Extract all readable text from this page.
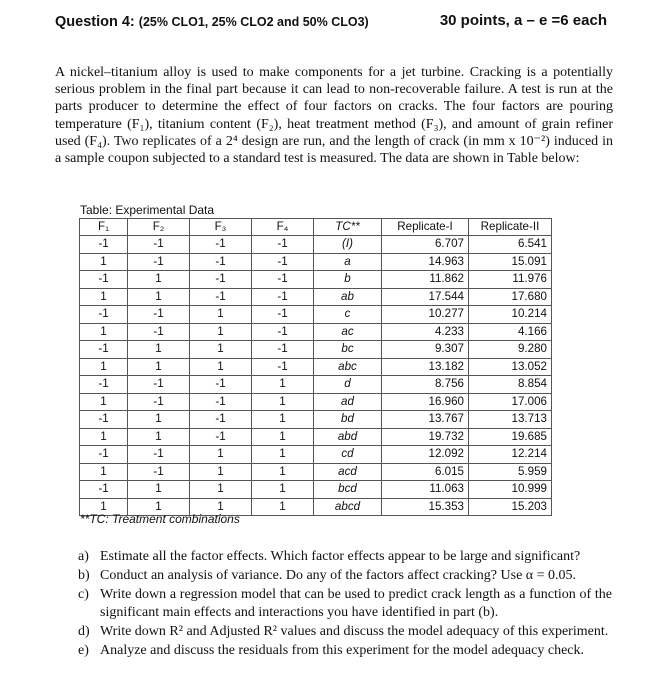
Question 4: (25% CLO1, 25% CLO2 and 50% CLO3)	30 points, a – e =6 each

A nickel–titanium alloy is used to make components for a jet turbine. Cracking is a potentially serious problem in the final part because it can lead to non-recoverable failure. A test is run at the parts producer to determine the effect of four factors on cracks. The four factors are pouring temperature (F₁), titanium content (F₂), heat treatment method (F₃), and amount of grain refiner used (F₄). Two replicates of a 2⁴ design are run, and the length of crack (in mm x 10⁻²) induced in a sample coupon subjected to a standard test is measured. The data are shown in Table below:

Table: Experimental Data
F₁	F₂	F₃	F₄	TC**	Replicate-I	Replicate-II
-1	-1	-1	-1	(I)	6.707	6.541
1	-1	-1	-1	a	14.963	15.091
-1	1	-1	-1	b	11.862	11.976
1	1	-1	-1	ab	17.544	17.680
-1	-1	1	-1	c	10.277	10.214
1	-1	1	-1	ac	4.233	4.166
-1	1	1	-1	bc	9.307	9.280
1	1	1	-1	abc	13.182	13.052
-1	-1	-1	1	d	8.756	8.854
1	-1	-1	1	ad	16.960	17.006
-1	1	-1	1	bd	13.767	13.713
1	1	-1	1	abd	19.732	19.685
-1	-1	1	1	cd	12.092	12.214
1	-1	1	1	acd	6.015	5.959
-1	1	1	1	bcd	11.063	10.999
1	1	1	1	abcd	15.353	15.203
**TC: Treatment combinations
a) Estimate all the factor effects. Which factor effects appear to be large and significant?
b) Conduct an analysis of variance. Do any of the factors affect cracking? Use α = 0.05.
c) Write down a regression model that can be used to predict crack length as a function of the significant main effects and interactions you have identified in part (b).
d) Write down R² and Adjusted R² values and discuss the model adequacy of this experiment.
e) Analyze and discuss the residuals from this experiment for the model adequacy check.
